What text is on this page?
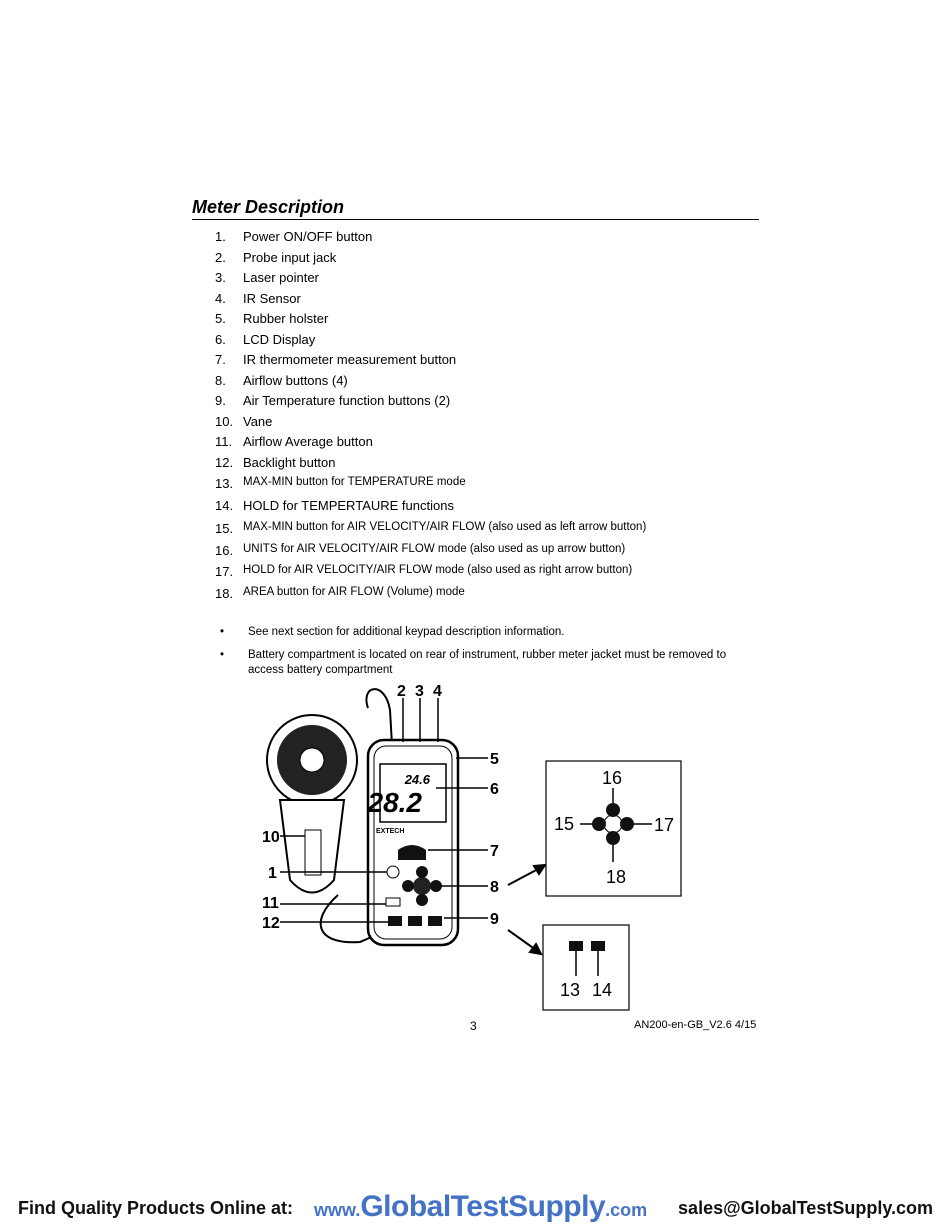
Meter Description
1. Power ON/OFF button
2. Probe input jack
3. Laser pointer
4. IR Sensor
5. Rubber holster
6. LCD Display
7. IR thermometer measurement button
8. Airflow buttons (4)
9. Air Temperature function buttons (2)
10. Vane
11. Airflow Average button
12. Backlight button
13. MAX-MIN button for TEMPERATURE mode
14. HOLD for TEMPERTAURE functions
15. MAX-MIN button for AIR VELOCITY/AIR FLOW (also used as left arrow button)
16. UNITS for AIR VELOCITY/AIR FLOW mode (also used as up arrow button)
17. HOLD for AIR VELOCITY/AIR FLOW mode (also used as right arrow button)
18. AREA button for AIR FLOW (Volume) mode
• See next section for additional keypad description information.
• Battery compartment is located on rear of instrument, rubber meter jacket must be removed to access battery compartment
24.6
28.2
EXTECH
2 3 4
5
6
7
8
9
10
1
11
12
16
15	17
18
13 14
3	AN200-en-GB_V2.6 4/15
Find Quality Products Online at: www.GlobalTestSupply.com sales@GlobalTestSupply.com
